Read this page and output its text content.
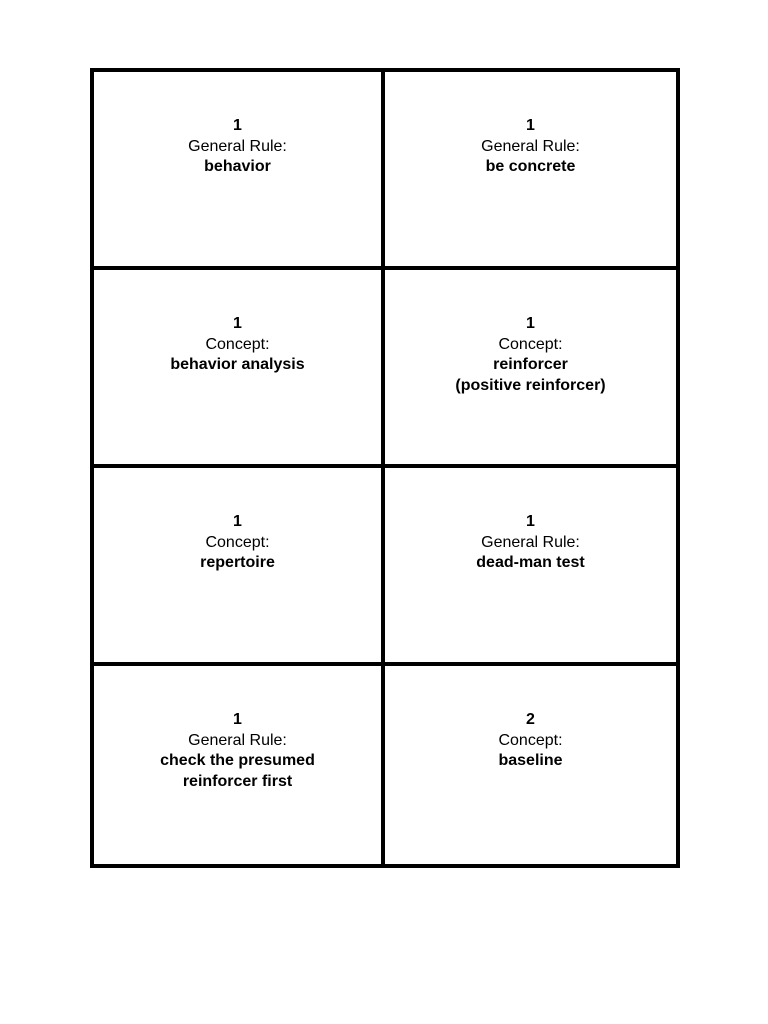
1
General Rule:
behavior
1
General Rule:
be concrete
1
Concept:
behavior analysis
1
Concept:
reinforcer
(positive reinforcer)
1
Concept:
repertoire
1
General Rule:
dead-man test
1
General Rule:
check the presumed
reinforcer first
2
Concept:
baseline
